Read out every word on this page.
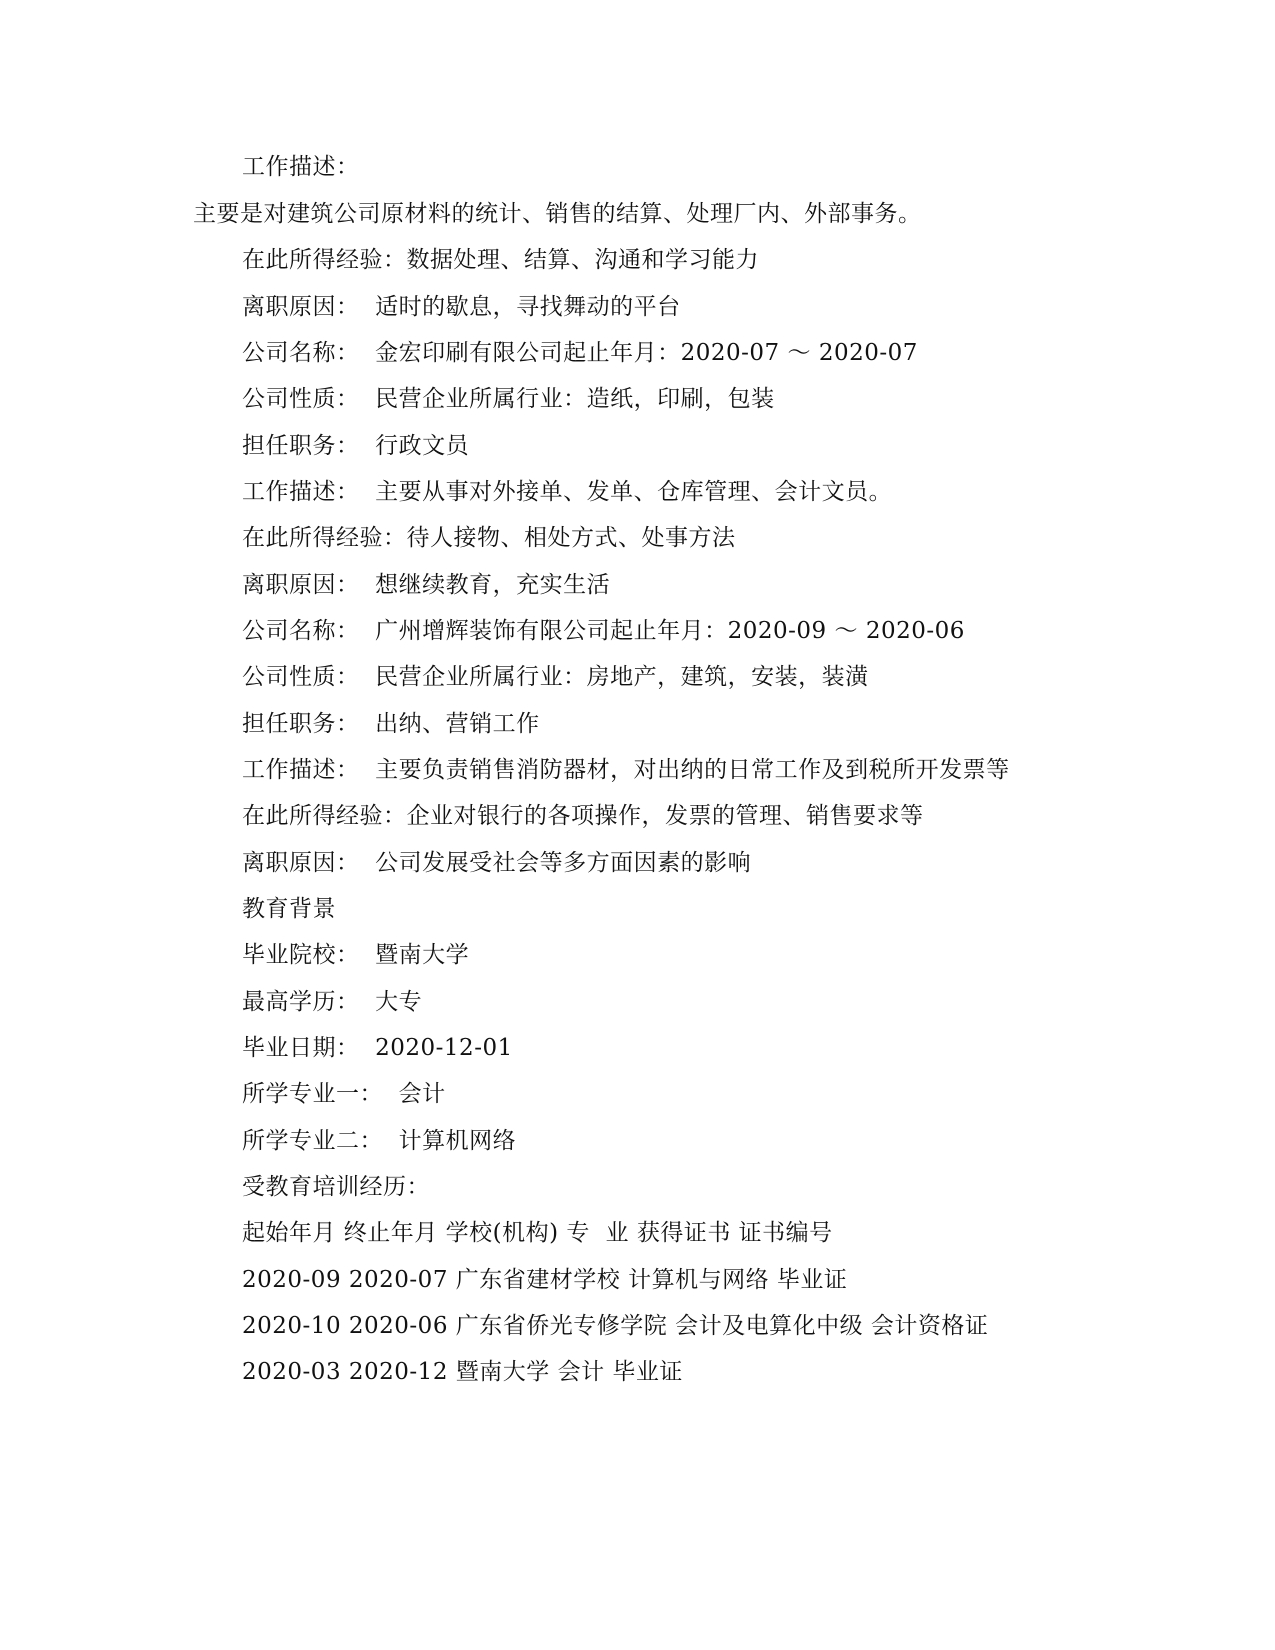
工作描述：
主要是对建筑公司原材料的统计、销售的结算、处理厂内、外部事务。
在此所得经验：数据处理、结算、沟通和学习能力
离职原因：  适时的歇息，寻找舞动的平台
公司名称：  金宏印刷有限公司起止年月：2020-07 ～ 2020-07
公司性质：  民营企业所属行业：造纸，印刷，包装
担任职务：  行政文员
工作描述：  主要从事对外接单、发单、仓库管理、会计文员。
在此所得经验：待人接物、相处方式、处事方法
离职原因：  想继续教育，充实生活
公司名称：  广州增辉装饰有限公司起止年月：2020-09 ～ 2020-06
公司性质：  民营企业所属行业：房地产，建筑，安装，装潢
担任职务：  出纳、营销工作
工作描述：  主要负责销售消防器材，对出纳的日常工作及到税所开发票等
在此所得经验：企业对银行的各项操作，发票的管理、销售要求等
离职原因：  公司发展受社会等多方面因素的影响
教育背景
毕业院校：  暨南大学
最高学历：  大专
毕业日期：  2020-12-01
所学专业一：  会计
所学专业二：  计算机网络
受教育培训经历：
起始年月 终止年月 学校(机构) 专  业 获得证书 证书编号
2020-09 2020-07 广东省建材学校 计算机与网络 毕业证
2020-10 2020-06 广东省侨光专修学院 会计及电算化中级 会计资格证
2020-03 2020-12 暨南大学 会计 毕业证
